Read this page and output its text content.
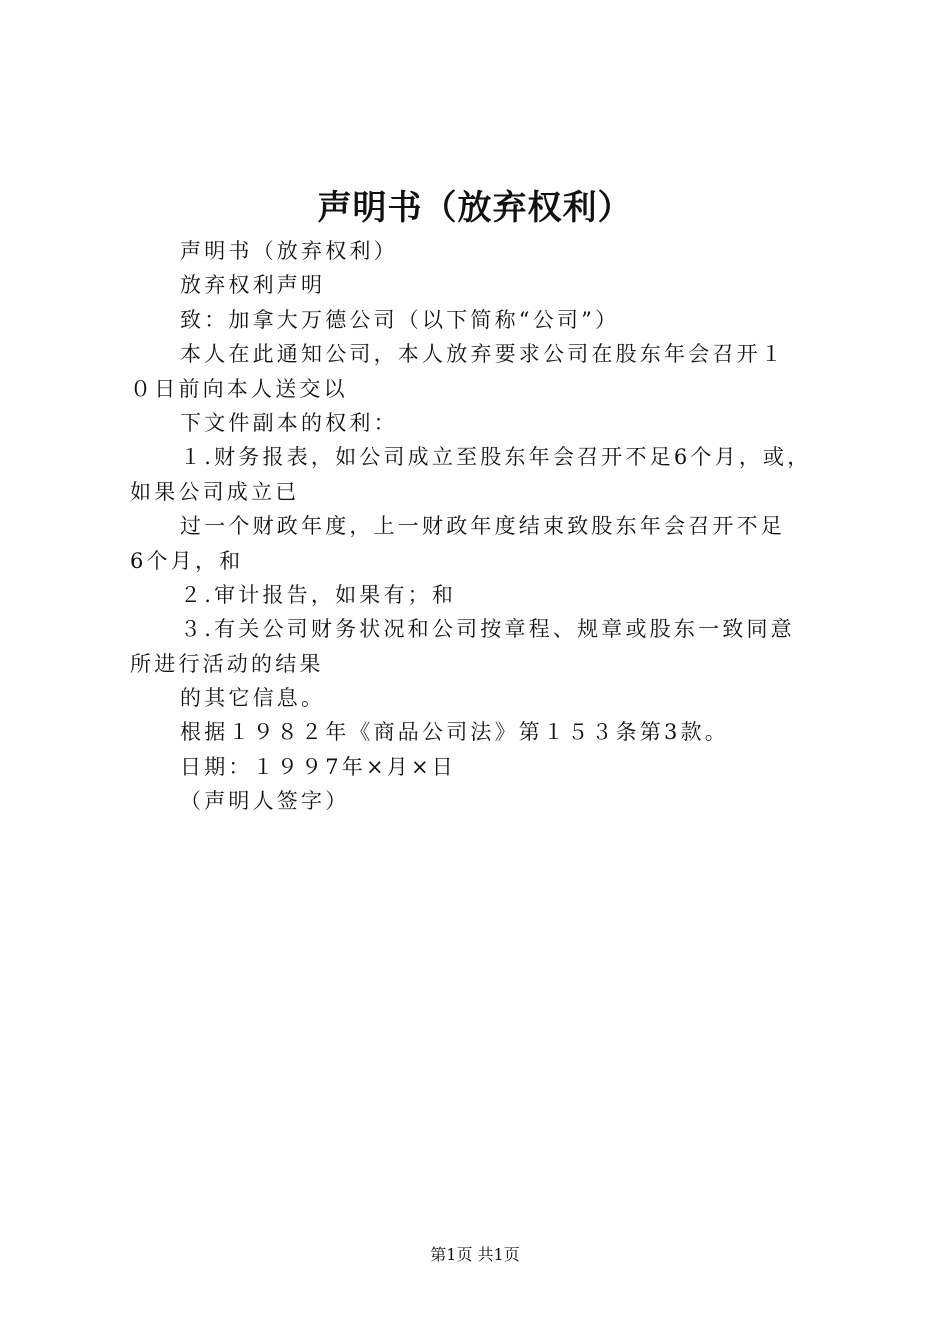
声明书（放弃权利）
声明书（放弃权利）
放弃权利声明
致：加拿大万德公司（以下简称“公司”）
本人在此通知公司，本人放弃要求公司在股东年会召开１
０日前向本人送交以
下文件副本的权利：
１.财务报表，如公司成立至股东年会召开不足6个月，或，
如果公司成立已
过一个财政年度，上一财政年度结束致股东年会召开不足
6个月，和
２.审计报告，如果有；和
３.有关公司财务状况和公司按章程、规章或股东一致同意
所进行活动的结果
的其它信息。
根据１９８２年《商品公司法》第１５３条第3款。
日期：１９９7年×月×日
（声明人签字）
第1页 共1页
